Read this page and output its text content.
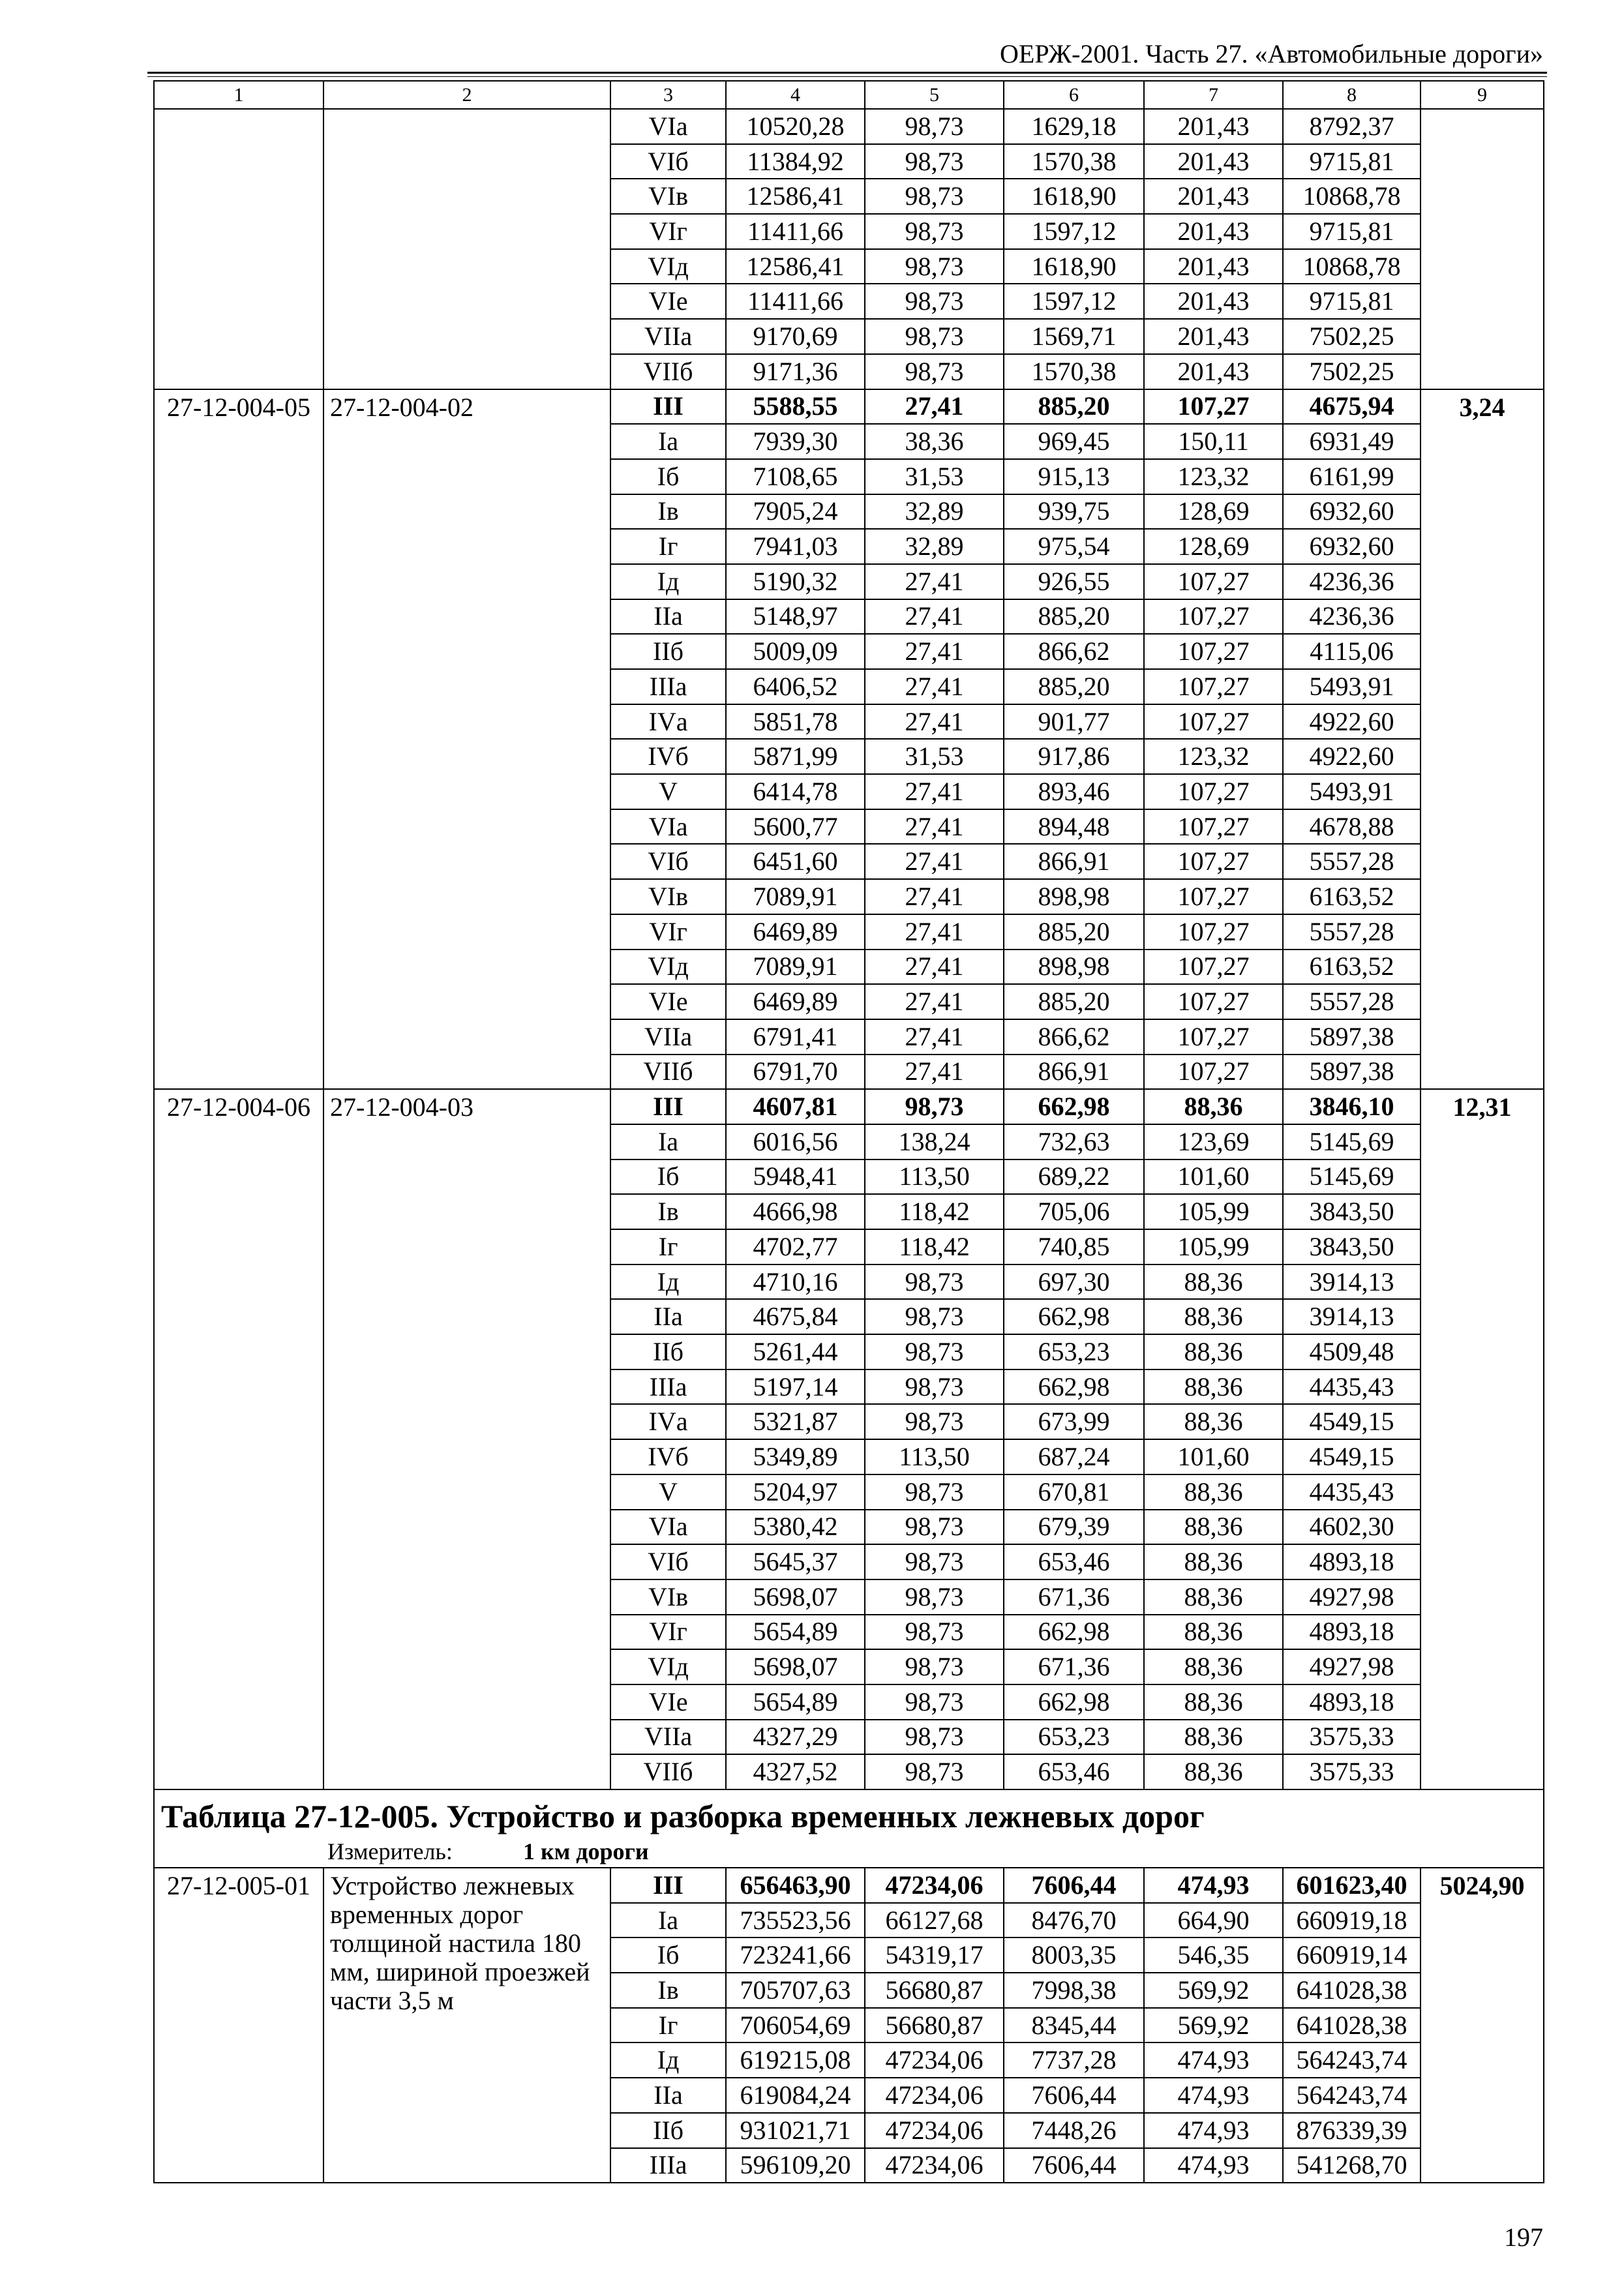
ОЕРЖ-2001. Часть 27. «Автомобильные дороги»
1	2	3	4	5	6	7	8	9
		VIа	10520,28	98,73	1629,18	201,43	8792,37	
		VIб	11384,92	98,73	1570,38	201,43	9715,81	
		VIв	12586,41	98,73	1618,90	201,43	10868,78	
		VIг	11411,66	98,73	1597,12	201,43	9715,81	
		VIд	12586,41	98,73	1618,90	201,43	10868,78	
		VIе	11411,66	98,73	1597,12	201,43	9715,81	
		VIIа	9170,69	98,73	1569,71	201,43	7502,25	
		VIIб	9171,36	98,73	1570,38	201,43	7502,25	
27-12-004-05	27-12-004-02	III	5588,55	27,41	885,20	107,27	4675,94	3,24
		Iа	7939,30	38,36	969,45	150,11	6931,49	
		Iб	7108,65	31,53	915,13	123,32	6161,99	
		Iв	7905,24	32,89	939,75	128,69	6932,60	
		Iг	7941,03	32,89	975,54	128,69	6932,60	
		Iд	5190,32	27,41	926,55	107,27	4236,36	
		IIа	5148,97	27,41	885,20	107,27	4236,36	
		IIб	5009,09	27,41	866,62	107,27	4115,06	
		IIIа	6406,52	27,41	885,20	107,27	5493,91	
		IVа	5851,78	27,41	901,77	107,27	4922,60	
		IVб	5871,99	31,53	917,86	123,32	4922,60	
		V	6414,78	27,41	893,46	107,27	5493,91	
		VIа	5600,77	27,41	894,48	107,27	4678,88	
		VIб	6451,60	27,41	866,91	107,27	5557,28	
		VIв	7089,91	27,41	898,98	107,27	6163,52	
		VIг	6469,89	27,41	885,20	107,27	5557,28	
		VIд	7089,91	27,41	898,98	107,27	6163,52	
		VIе	6469,89	27,41	885,20	107,27	5557,28	
		VIIа	6791,41	27,41	866,62	107,27	5897,38	
		VIIб	6791,70	27,41	866,91	107,27	5897,38	
27-12-004-06	27-12-004-03	III	4607,81	98,73	662,98	88,36	3846,10	12,31
		Iа	6016,56	138,24	732,63	123,69	5145,69	
		Iб	5948,41	113,50	689,22	101,60	5145,69	
		Iв	4666,98	118,42	705,06	105,99	3843,50	
		Iг	4702,77	118,42	740,85	105,99	3843,50	
		Iд	4710,16	98,73	697,30	88,36	3914,13	
		IIа	4675,84	98,73	662,98	88,36	3914,13	
		IIб	5261,44	98,73	653,23	88,36	4509,48	
		IIIа	5197,14	98,73	662,98	88,36	4435,43	
		IVа	5321,87	98,73	673,99	88,36	4549,15	
		IVб	5349,89	113,50	687,24	101,60	4549,15	
		V	5204,97	98,73	670,81	88,36	4435,43	
		VIа	5380,42	98,73	679,39	88,36	4602,30	
		VIб	5645,37	98,73	653,46	88,36	4893,18	
		VIв	5698,07	98,73	671,36	88,36	4927,98	
		VIг	5654,89	98,73	662,98	88,36	4893,18	
		VIд	5698,07	98,73	671,36	88,36	4927,98	
		VIе	5654,89	98,73	662,98	88,36	4893,18	
		VIIа	4327,29	98,73	653,23	88,36	3575,33	
		VIIб	4327,52	98,73	653,46	88,36	3575,33	

Таблица 27-12-005. Устройство и разборка временных лежневых дорог
Измеритель: 1 км дороги								

27-12-005-01	Устройство лежневых
временных дорог
толщиной настила 180
мм, шириной проезжей
части 3,5 м	III	656463,90	47234,06	7606,44	474,93	601623,40	5024,90
		Iа	735523,56	66127,68	8476,70	664,90	660919,18	
		Iб	723241,66	54319,17	8003,35	546,35	660919,14	
		Iв	705707,63	56680,87	7998,38	569,92	641028,38	
		Iг	706054,69	56680,87	8345,44	569,92	641028,38	
		Iд	619215,08	47234,06	7737,28	474,93	564243,74	
		IIа	619084,24	47234,06	7606,44	474,93	564243,74	
		IIб	931021,71	47234,06	7448,26	474,93	876339,39	
		IIIа	596109,20	47234,06	7606,44	474,93	541268,70	
197
